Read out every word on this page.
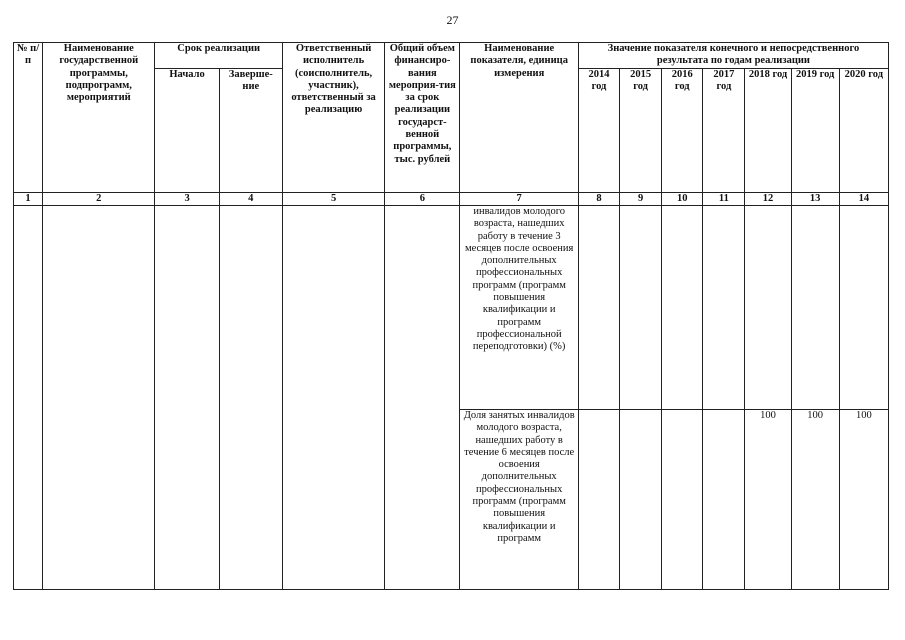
27
№ п/п	Наименование государственной программы, подпрограмм, мероприятий	Срок реализации		Ответственный исполнитель (соисполнитель, участник), ответственный за реализацию	Общий объем финансиро-вания мероприя-тия за срок реализации государст-венной программы, тыс. рублей	Наименование показателя, единица измерения	Значение показателя конечного и непосредственного результата по годам реализации						
		Начало	Заверше-ние				2014 год	2015 год	2016 год	2017 год	2018 год	2019 год	2020 год
1	2	3	4	5	6	7	8	9	10	11	12	13	14
						инвалидов молодого возраста, нашедших работу в течение 3 месяцев после освоения дополнительных профессиональных программ (программ повышения квалификации и программ профессиональной переподготовки) (%)							
						Доля занятых инвалидов молодого возраста, нашедших работу в течение 6 месяцев после освоения дополнительных профессиональных программ (программ повышения квалификации и программ					100	100	100
